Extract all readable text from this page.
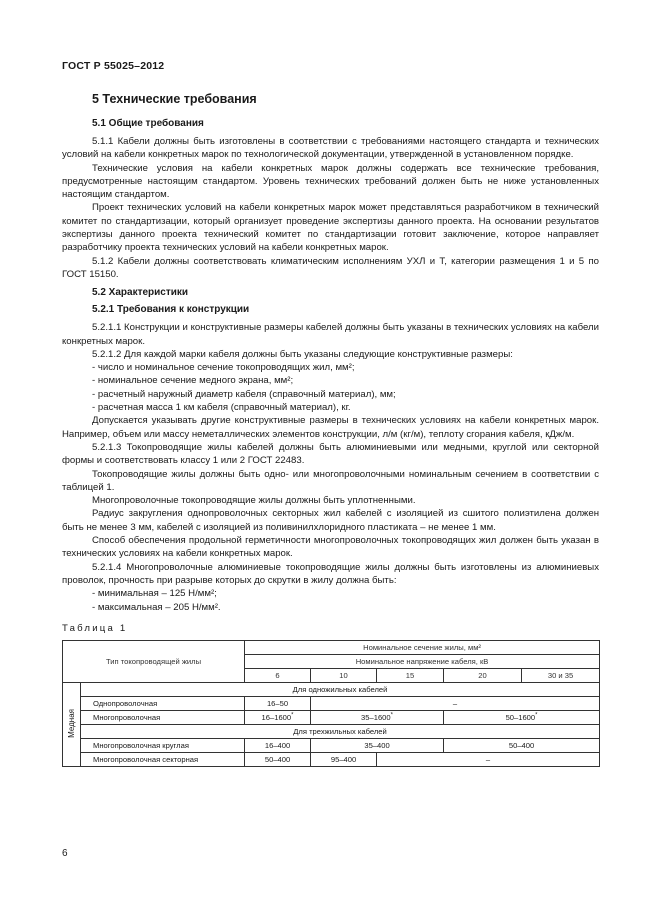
ГОСТ Р 55025–2012
5 Технические требования
5.1 Общие требования

5.1.1 Кабели должны быть изготовлены в соответствии с требованиями настоящего стандарта и технических условий на кабели конкретных марок по технологической документации, утвержденной в установленном порядке.

Технические условия на кабели конкретных марок должны содержать все технические требования, предусмотренные настоящим стандартом. Уровень технических требований должен быть не ниже установленных настоящим стандартом.

Проект технических условий на кабели конкретных марок может представляться разработчиком в технический комитет по стандартизации, который организует проведение экспертизы данного проекта. На основании результатов экспертизы данного проекта технический комитет по стандартизации готовит заключение, которое направляет разработчику проекта технических условий на кабели конкретных марок.

5.1.2 Кабели должны соответствовать климатическим исполнениям УХЛ и Т, категории размещения 1 и 5 по ГОСТ 15150.

5.2 Характеристики
5.2.1 Требования к конструкции

5.2.1.1 Конструкции и конструктивные размеры кабелей должны быть указаны в технических условиях на кабели конкретных марок.

5.2.1.2 Для каждой марки кабеля должны быть указаны следующие конструктивные размеры:

- число и номинальное сечение токопроводящих жил, мм²;

- номинальное сечение медного экрана, мм²;

- расчетный наружный диаметр кабеля (справочный материал), мм;

- расчетная масса 1 км кабеля (справочный материал), кг.

Допускается указывать другие конструктивные размеры в технических условиях на кабели конкретных марок. Например, объем или массу неметаллических элементов конструкции, л/м (кг/м), теплоту сгорания кабеля, кДж/м.

5.2.1.3 Токопроводящие жилы кабелей должны быть алюминиевыми или медными, круглой или секторной формы и соответствовать классу 1 или 2 ГОСТ 22483.

Токопроводящие жилы должны быть одно- или многопроволочными номинальным сечением в соответствии с таблицей 1.

Многопроволочные токопроводящие жилы должны быть уплотненными.

Радиус закругления однопроволочных секторных жил кабелей с изоляцией из сшитого полиэтилена должен быть не менее 3 мм, кабелей с изоляцией из поливинилхлоридного пластиката – не менее 1 мм.

Способ обеспечения продольной герметичности многопроволочных токопроводящих жил должен быть указан в технических условиях на кабели конкретных марок.

5.2.1.4 Многопроволочные алюминиевые токопроводящие жилы должны быть изготовлены из алюминиевых проволок, прочность при разрыве которых до скрутки в жилу должна быть:

- минимальная – 125 Н/мм²;

- максимальная – 205 Н/мм².

Таблица 1

Тип токопроводящей жилы		Номинальное сечение жилы, мм²				
		Номинальное напряжение кабеля, кВ				
		6	10	15	20	30 и 35
Медная	Для одножильных кабелей					
	Однопроволочная	16–50	–			
	Многопроволочная	16–1600*	35–1600*		50–1600*
	Для трехжильных кабелей					
	Многопроволочная круглая	16–400	35–400		50–400	
	Многопроволочная секторная	50–400	95–400	–		
6
